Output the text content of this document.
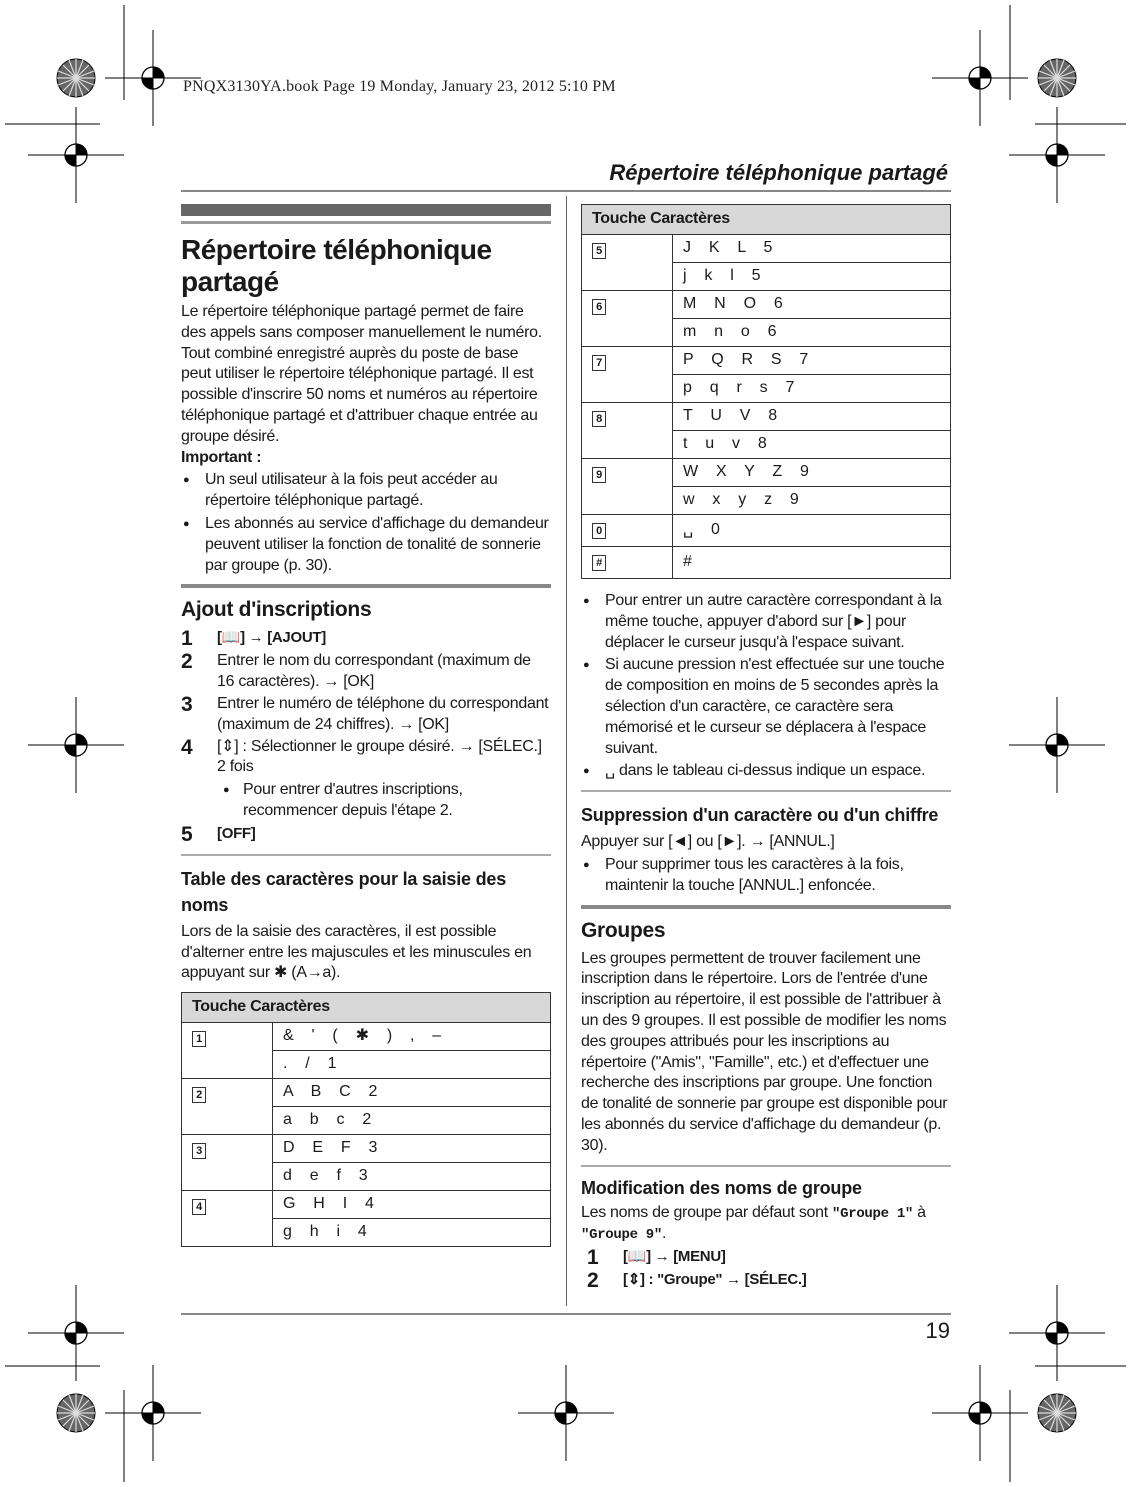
PNQX3130YA.book Page 19 Monday, January 23, 2012 5:10 PM
Répertoire téléphonique partagé
Répertoire téléphonique partagé

Le répertoire téléphonique partagé permet de faire des appels sans composer manuellement le numéro. Tout combiné enregistré auprès du poste de base peut utiliser le répertoire téléphonique partagé. Il est possible d'inscrire 50 noms et numéros au répertoire téléphonique partagé et d'attribuer chaque entrée au groupe désiré.

Important :

● Un seul utilisateur à la fois peut accéder au répertoire téléphonique partagé.
● Les abonnés au service d'affichage du demandeur peuvent utiliser la fonction de tonalité de sonnerie par groupe (p. 30).
Ajout d'inscriptions
1	[📖] → [AJOUT]
2	Entrer le nom du correspondant (maximum de 16 caractères). → [OK]
3	Entrer le numéro de téléphone du correspondant (maximum de 24 chiffres). → [OK]
4	[⇕] : Sélectionner le groupe désiré. → [SÉLEC.] 2 fois
● Pour entrer d'autres inscriptions, recommencer depuis l'étape 2.
5	[OFF]
Table des caractères pour la saisie des noms

Lors de la saisie des caractères, il est possible d'alterner entre les majuscules et les minuscules en appuyant sur ✱ (A→a).

Touche Caractères	
1	& ' ( ✱ ) , –
	. / 1
2	A B C 2
	a b c 2
3	D E F 3
	d e f 3
4	G H I 4
	g h i 4
Touche Caractères	
5	J K L 5
	j k l 5
6	M N O 6
	m n o 6
7	P Q R S 7
	p q r s 7
8	T U V 8
	t u v 8
9	W X Y Z 9
	w x y z 9
0	␣ 0
#	#
● Pour entrer un autre caractère correspondant à la même touche, appuyer d'abord sur [►] pour déplacer le curseur jusqu'à l'espace suivant.
● Si aucune pression n'est effectuée sur une touche de composition en moins de 5 secondes après la sélection d'un caractère, ce caractère sera mémorisé et le curseur se déplacera à l'espace suivant.
● ␣ dans le tableau ci-dessus indique un espace.
Suppression d'un caractère ou d'un chiffre

Appuyer sur [◄] ou [►]. → [ANNUL.]

● Pour supprimer tous les caractères à la fois, maintenir la touche [ANNUL.] enfoncée.
Groupes

Les groupes permettent de trouver facilement une inscription dans le répertoire. Lors de l'entrée d'une inscription au répertoire, il est possible de l'attribuer à un des 9 groupes. Il est possible de modifier les noms des groupes attribués pour les inscriptions au répertoire ("Amis", "Famille", etc.) et d'effectuer une recherche des inscriptions par groupe. Une fonction de tonalité de sonnerie par groupe est disponible pour les abonnés du service d'affichage du demandeur (p. 30).

Modification des noms de groupe

Les noms de groupe par défaut sont "Groupe 1" à "Groupe 9".

1	[📖] → [MENU]
2	[⇕] : "Groupe" → [SÉLEC.]
19
